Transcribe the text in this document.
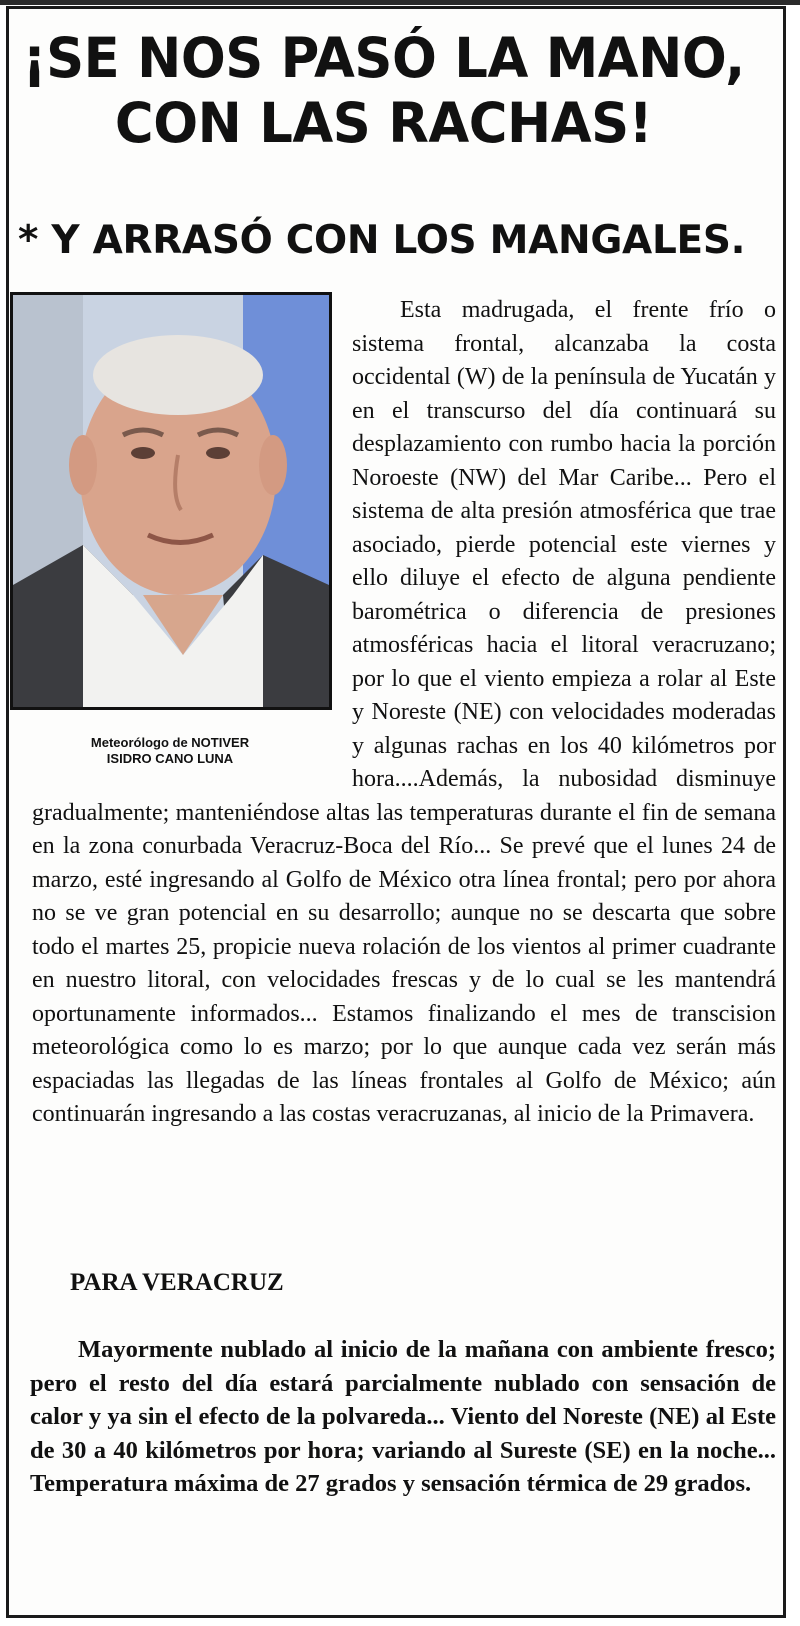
¡SE NOS PASÓ LA MANO, CON LAS RACHAS!
* Y ARRASÓ CON LOS MANGALES.
Meteorólogo de NOTIVER
ISIDRO CANO LUNA
Esta madrugada, el frente frío o sistema frontal, alcanzaba la costa occidental (W) de la península de Yucatán y en el transcurso del día continuará su desplazamiento con rumbo hacia la porción Noroeste (NW) del Mar Caribe... Pero el sistema de alta presión atmosférica que trae asociado, pierde potencial este viernes y ello diluye el efecto de alguna pendiente barométrica o diferencia de presiones atmosféricas hacia el litoral veracruzano; por lo que el viento empieza a rolar al Este y Noreste (NE) con velocidades moderadas y algunas rachas en los 40 kilómetros por hora....Además, la nubosidad disminuye gradualmente; manteniéndose altas las temperaturas durante el fin de semana en la zona conurbada Veracruz-Boca del Río... Se prevé que el lunes 24 de marzo, esté ingresando al Golfo de México otra línea frontal; pero por ahora no se ve gran potencial en su desarrollo; aunque no se descarta que sobre todo el martes 25, propicie nueva rolación de los vientos al primer cuadrante en nuestro litoral, con velocidades frescas y de lo cual se les mantendrá oportunamente informados... Estamos finalizando el mes de transcision meteorológica como lo es marzo; por lo que aunque cada vez serán más espaciadas las llegadas de las líneas frontales al Golfo de México; aún continuarán ingresando a las costas veracruzanas, al inicio de la Primavera.
PARA VERACRUZ

Mayormente nublado al inicio de la mañana con ambiente fresco; pero el resto del día estará parcialmente nublado con sensación de calor y ya sin el efecto de la polvareda... Viento del Noreste (NE) al Este de 30 a 40 kilómetros por hora; variando al Sureste (SE) en la noche... Temperatura máxima de 27 grados y sensación térmica de 29 grados.
